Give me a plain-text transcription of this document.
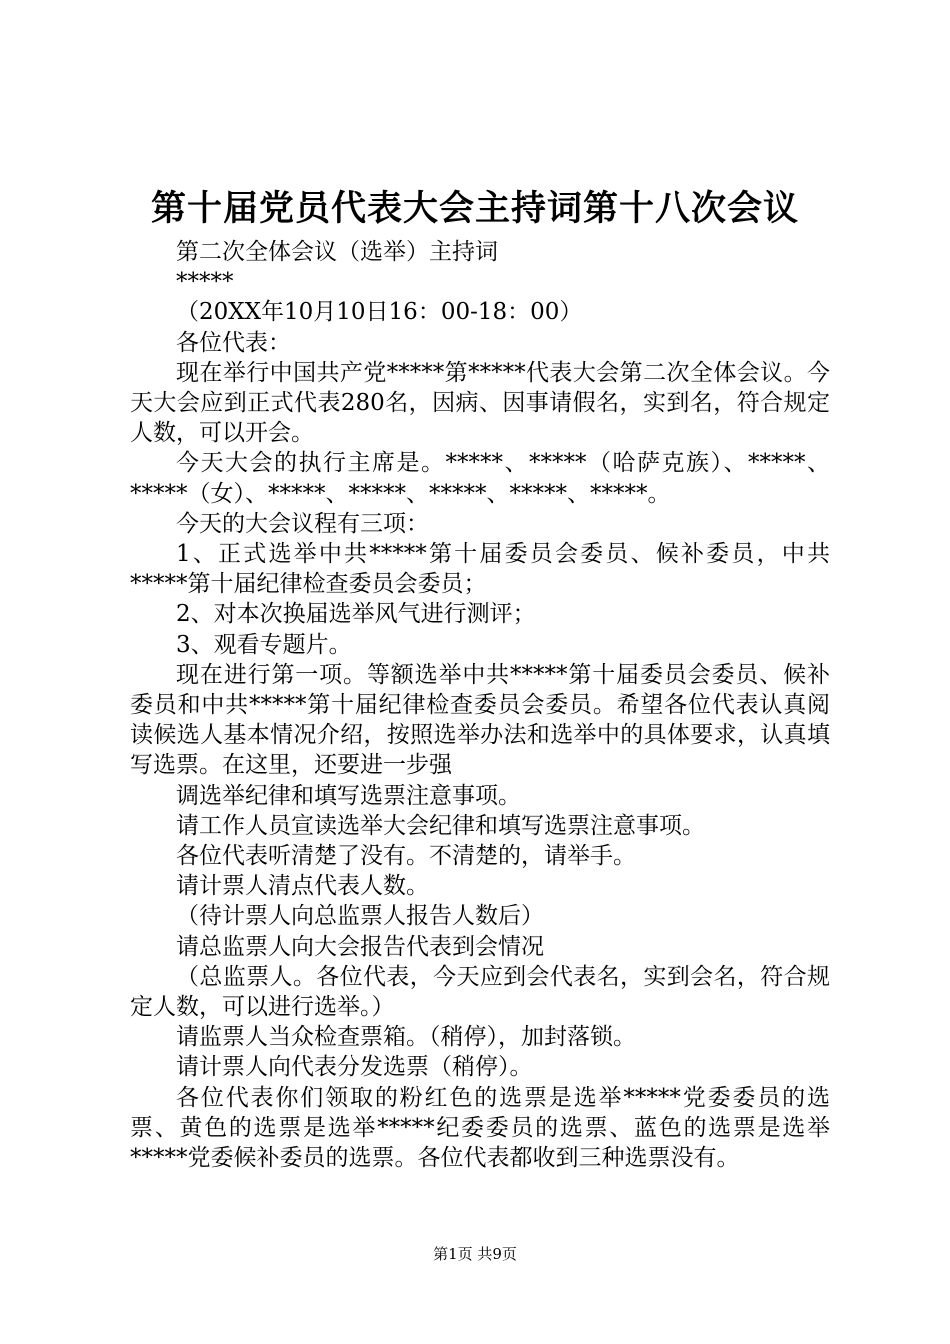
第十届党员代表大会主持词第十八次会议

第二次全体会议（选举）主持词

*****

（20XX年10月10日16：00-18：00）

各位代表：

现在举行中国共产党*****第*****代表大会第二次全体会议。今天大会应到正式代表280名，因病、因事请假名，实到名，符合规定人数，可以开会。

今天大会的执行主席是。*****、*****（哈萨克族）、*****、*****（女）、*****、*****、*****、*****、*****。

今天的大会议程有三项：

1、正式选举中共*****第十届委员会委员、候补委员，中共*****第十届纪律检查委员会委员；

2、对本次换届选举风气进行测评；

3、观看专题片。

现在进行第一项。等额选举中共*****第十届委员会委员、候补委员和中共*****第十届纪律检查委员会委员。希望各位代表认真阅读候选人基本情况介绍，按照选举办法和选举中的具体要求，认真填写选票。在这里，还要进一步强

调选举纪律和填写选票注意事项。

请工作人员宣读选举大会纪律和填写选票注意事项。

各位代表听清楚了没有。不清楚的，请举手。

请计票人清点代表人数。

（待计票人向总监票人报告人数后）

请总监票人向大会报告代表到会情况

（总监票人。各位代表，今天应到会代表名，实到会名，符合规定人数，可以进行选举。）

请监票人当众检查票箱。（稍停），加封落锁。

请计票人向代表分发选票（稍停）。

各位代表你们领取的粉红色的选票是选举*****党委委员的选票、黄色的选票是选举*****纪委委员的选票、蓝色的选票是选举*****党委候补委员的选票。各位代表都收到三种选票没有。

第1页 共9页
